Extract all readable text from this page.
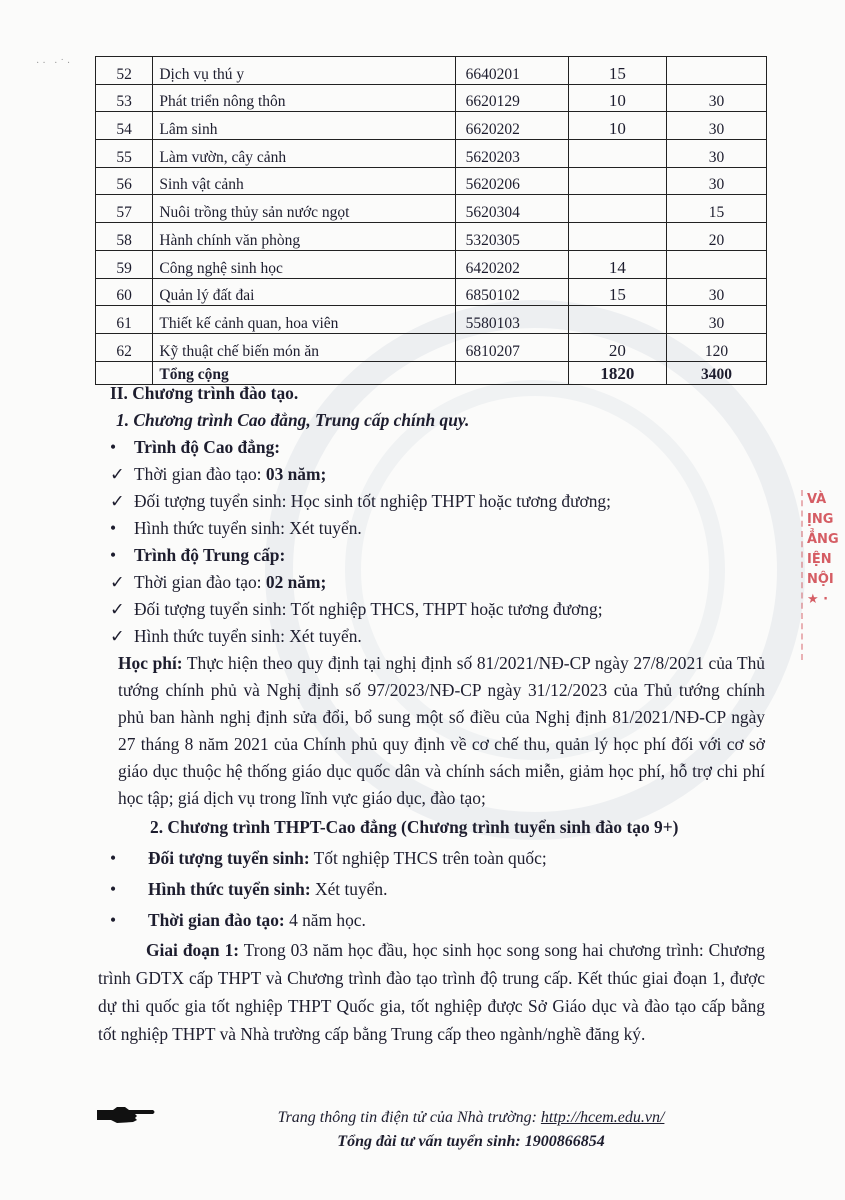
·· ·˙·
VÀ
ỊNG
ẲNG
IỆN
NỘI
★ ·
52	Dịch vụ thú y	6640201	15	
53	Phát triển nông thôn	6620129	10	30
54	Lâm sinh	6620202	10	30
55	Làm vườn, cây cảnh	5620203		30
56	Sinh vật cảnh	5620206		30
57	Nuôi trồng thủy sản nước ngọt	5620304		15
58	Hành chính văn phòng	5320305		20
59	Công nghệ sinh học	6420202	14	
60	Quản lý đất đai	6850102	15	30
61	Thiết kế cảnh quan, hoa viên	5580103		30
62	Kỹ thuật chế biến món ăn	6810207	20	120
	Tổng cộng		1820	3400
II. Chương trình đào tạo.
1. Chương trình Cao đẳng, Trung cấp chính quy.
•	Trình độ Cao đẳng:
✓ Thời gian đào tạo: 03 năm;
✓ Đối tượng tuyển sinh: Học sinh tốt nghiệp THPT hoặc tương đương;
•	Hình thức tuyển sinh: Xét tuyển.
•	Trình độ Trung cấp:
✓ Thời gian đào tạo: 02 năm;
✓ Đối tượng tuyển sinh: Tốt nghiệp THCS, THPT hoặc tương đương;
✓ Hình thức tuyển sinh: Xét tuyển.
Học phí: Thực hiện theo quy định tại nghị định số 81/2021/NĐ-CP ngày 27/8/2021 của Thủ tướng chính phủ và Nghị định số 97/2023/NĐ-CP ngày 31/12/2023 của Thủ tướng chính phủ ban hành nghị định sửa đổi, bổ sung một số điều của Nghị định 81/2021/NĐ-CP ngày 27 tháng 8 năm 2021 của Chính phủ quy định về cơ chế thu, quản lý học phí đối với cơ sở giáo dục thuộc hệ thống giáo dục quốc dân và chính sách miễn, giảm học phí, hỗ trợ chi phí học tập; giá dịch vụ trong lĩnh vực giáo dục, đào tạo;
2. Chương trình THPT-Cao đẳng (Chương trình tuyển sinh đào tạo 9+)
•	Đối tượng tuyển sinh: Tốt nghiệp THCS trên toàn quốc;
•	Hình thức tuyển sinh: Xét tuyển.
•	Thời gian đào tạo: 4 năm học.
Giai đoạn 1: Trong 03 năm học đầu, học sinh học song song hai chương trình: Chương trình GDTX cấp THPT và Chương trình đào tạo trình độ trung cấp. Kết thúc giai đoạn 1, được dự thi quốc gia tốt nghiệp THPT Quốc gia, tốt nghiệp được Sở Giáo dục và đào tạo cấp bằng tốt nghiệp THPT và Nhà trường cấp bằng Trung cấp theo ngành/nghề đăng ký.
Trang thông tin điện tử của Nhà trường: http://hcem.edu.vn/
Tổng đài tư vấn tuyển sinh: 1900866854
